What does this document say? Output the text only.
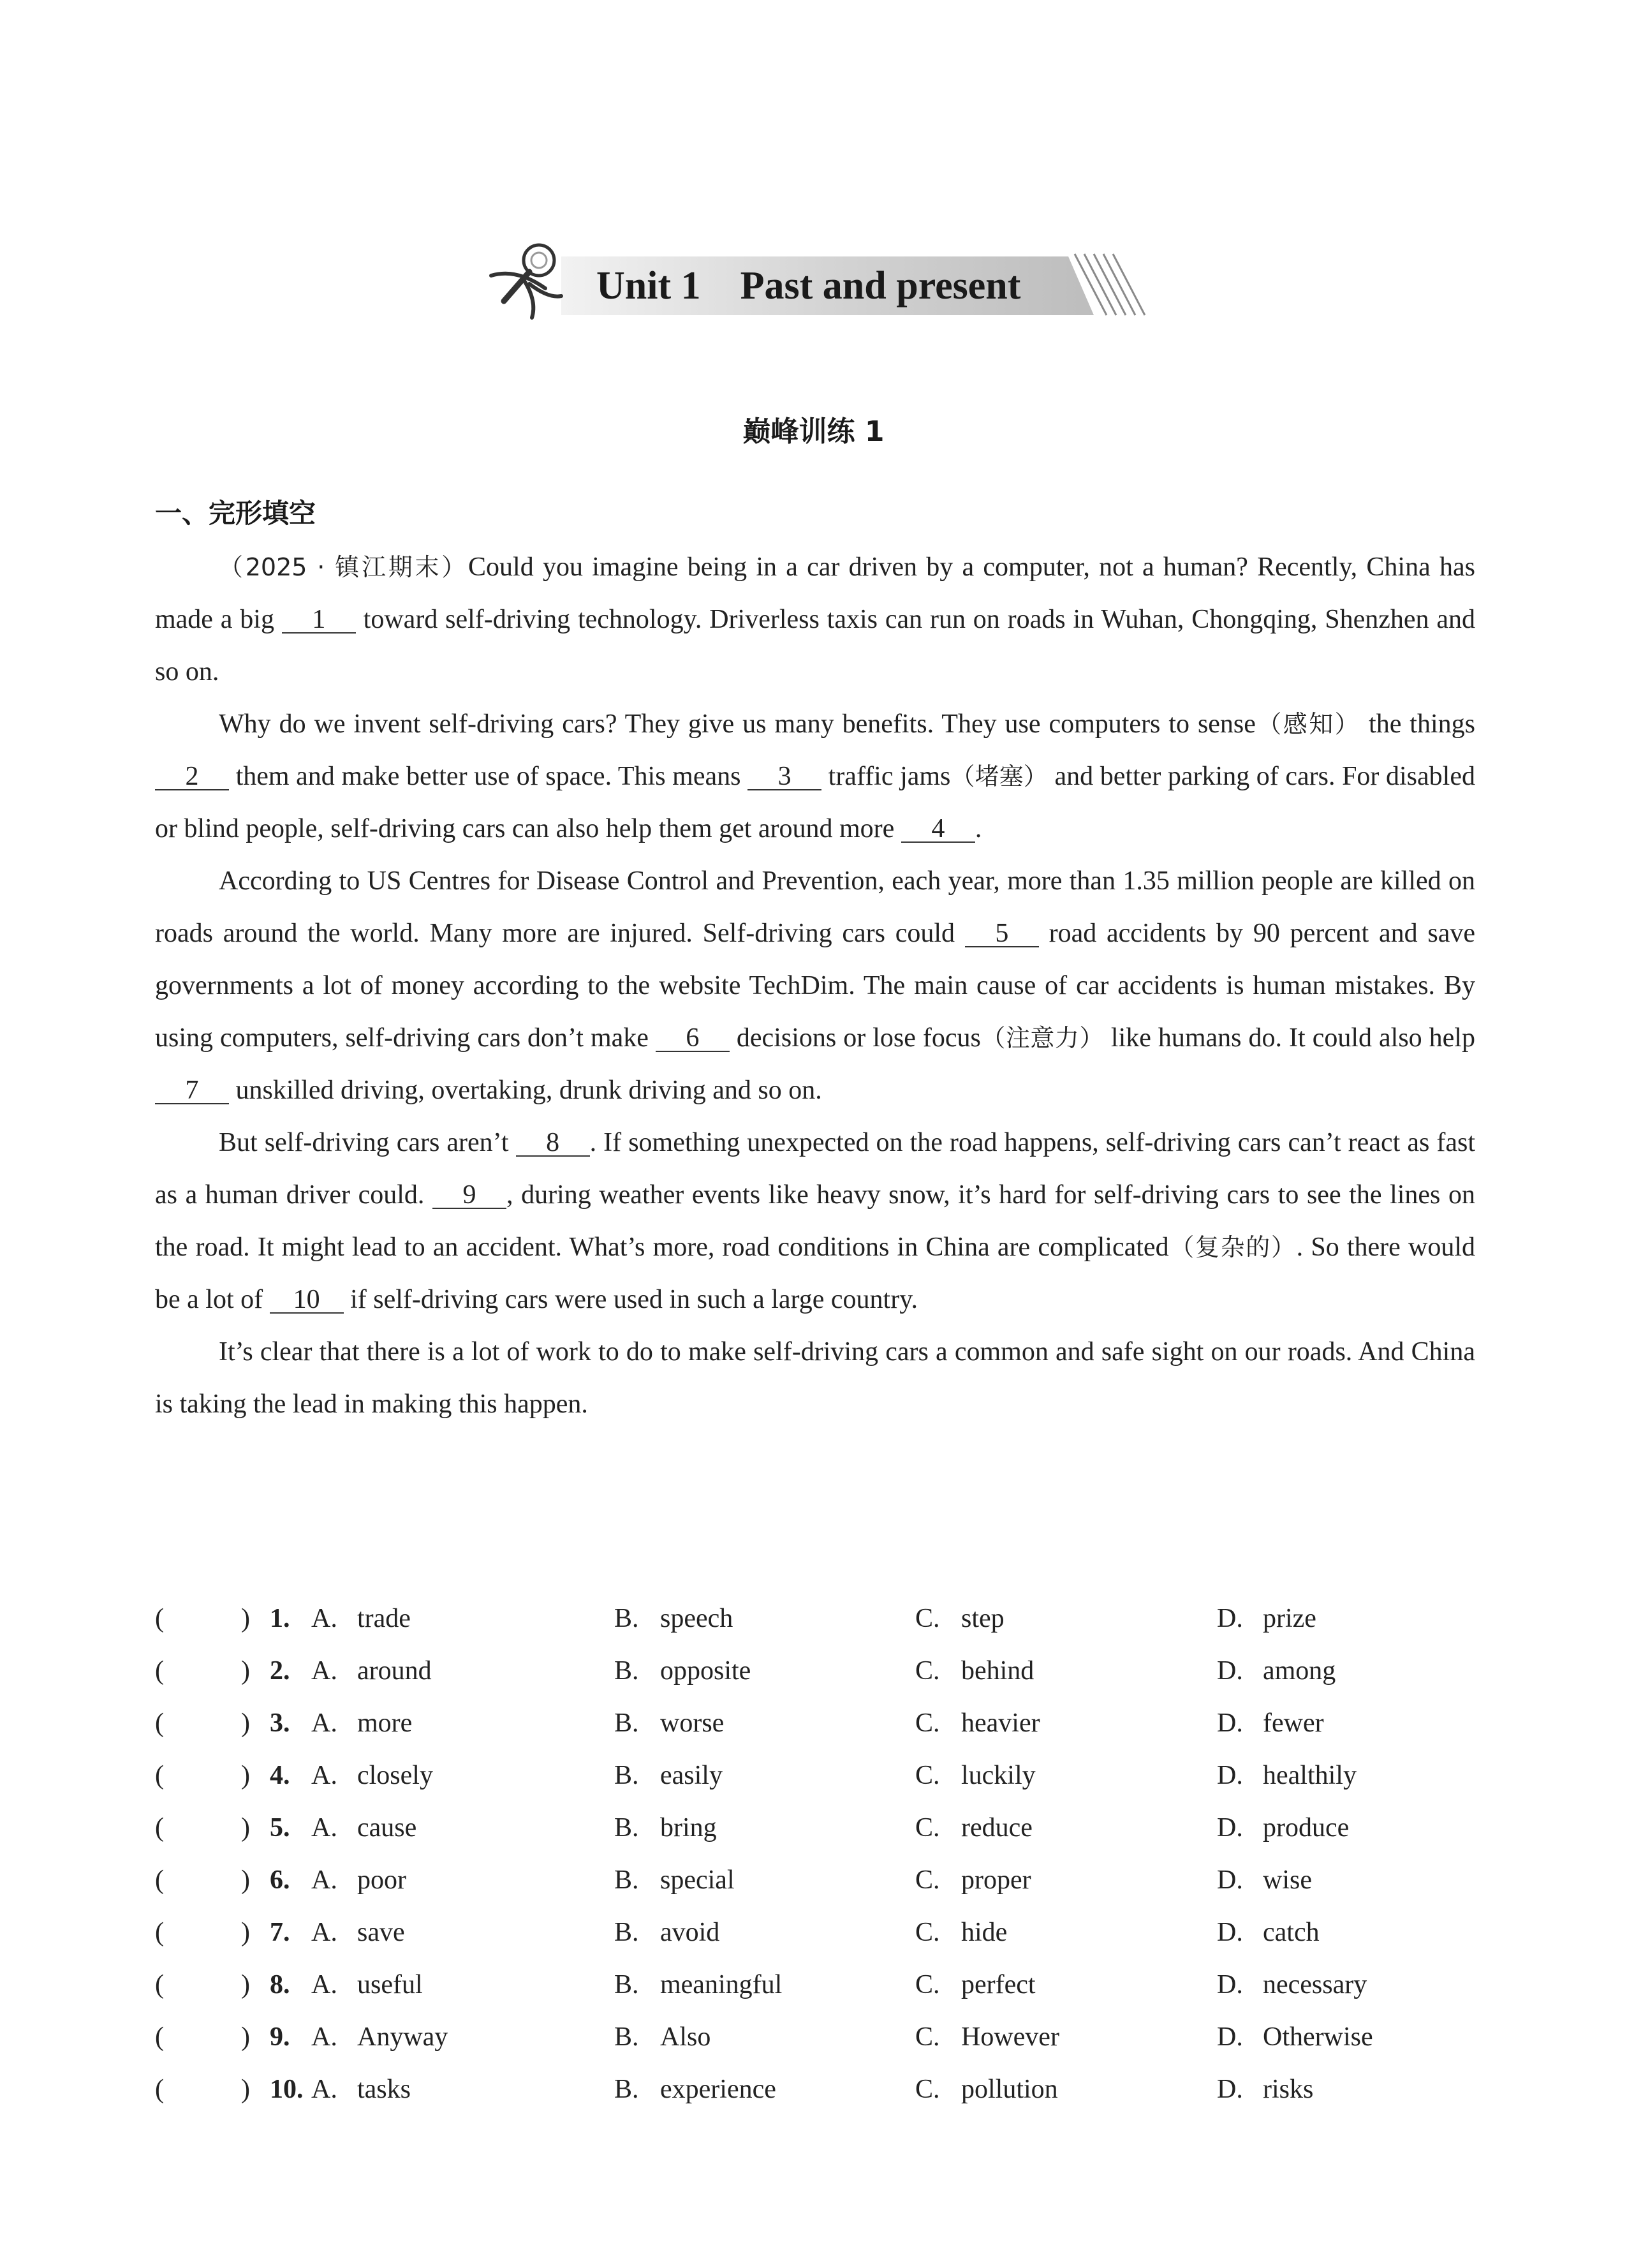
Unit 1    Past and present
巅峰训练 1
一、完形填空

（2025 · 镇江期末）Could you imagine being in a car driven by a computer, not a human? Recently, China has made a big 1 toward self-driving technology. Driverless taxis can run on roads in Wuhan, Chongqing, Shenzhen and so on.

Why do we invent self-driving cars? They give us many benefits. They use computers to sense（感知） the things 2 them and make better use of space. This means 3 traffic jams（堵塞） and better parking of cars. For disabled or blind people, self-driving cars can also help them get around more 4 .

According to US Centres for Disease Control and Prevention, each year, more than 1.35 million people are killed on roads around the world. Many more are injured. Self-driving cars could 5 road accidents by 90 percent and save governments a lot of money according to the website TechDim. The main cause of car accidents is human mistakes. By using computers, self-driving cars don’t make 6 decisions or lose focus（注意力） like humans do. It could also help 7 unskilled driving, overtaking, drunk driving and so on.

But self-driving cars aren’t 8 . If something unexpected on the road happens, self-driving cars can’t react as fast as a human driver could. 9 , during weather events like heavy snow, it’s hard for self-driving cars to see the lines on the road. It might lead to an accident. What’s more, road conditions in China are complicated（复杂的）. So there would be a lot of 10 if self-driving cars were used in such a large country.

It’s clear that there is a lot of work to do to make self-driving cars a common and safe sight on our roads. And China is taking the lead in making this happen.

(	) 1. A. trade	B. speech	C. step	D. prize
(	) 2. A. around	B. opposite	C. behind	D. among
(	) 3. A. more	B. worse	C. heavier	D. fewer
(	) 4. A. closely	B. easily	C. luckily	D. healthily
(	) 5. A. cause	B. bring	C. reduce	D. produce
(	) 6. A. poor	B. special	C. proper	D. wise
(	) 7. A. save	B. avoid	C. hide	D. catch
(	) 8. A. useful	B. meaningful	C. perfect	D. necessary
(	) 9. A. Anyway	B. Also	C. However	D. Otherwise
(	) 10. A. tasks	B. experience	C. pollution	D. risks
